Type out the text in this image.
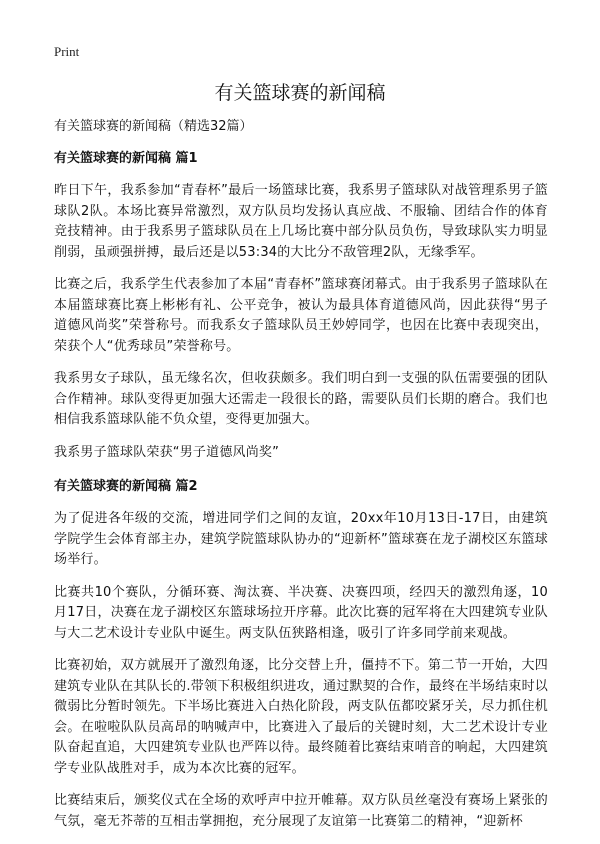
Print
有关篮球赛的新闻稿
有关篮球赛的新闻稿（精选32篇）
有关篮球赛的新闻稿 篇1

昨日下午，我系参加“青春杯”最后一场篮球比赛，我系男子篮球队对战管理系男子篮球队2队。本场比赛异常激烈，双方队员均发扬认真应战、不服输、团结合作的体育竞技精神。由于我系男子篮球队员在上几场比赛中部分队员负伤，导致球队实力明显削弱，虽顽强拼搏，最后还是以53:34的大比分不敌管理2队，无缘季军。

比赛之后，我系学生代表参加了本届“青春杯”篮球赛闭幕式。由于我系男子篮球队在本届篮球赛比赛上彬彬有礼、公平竞争，被认为最具体育道德风尚，因此获得“男子道德风尚奖”荣誉称号。而我系女子篮球队员王妙婷同学，也因在比赛中表现突出，荣获个人“优秀球员”荣誉称号。

我系男女子球队，虽无缘名次，但收获颇多。我们明白到一支强的队伍需要强的团队合作精神。球队变得更加强大还需走一段很长的路，需要队员们长期的磨合。我们也相信我系篮球队能不负众望，变得更加强大。

我系男子篮球队荣获“男子道德风尚奖”

有关篮球赛的新闻稿 篇2

为了促进各年级的交流，增进同学们之间的友谊，20xx年10月13日-17日，由建筑学院学生会体育部主办，建筑学院篮球队协办的“迎新杯”篮球赛在龙子湖校区东篮球场举行。

比赛共10个赛队，分循环赛、淘汰赛、半决赛、决赛四项，经四天的激烈角逐，10月17日，决赛在龙子湖校区东篮球场拉开序幕。此次比赛的冠军将在大四建筑专业队与大二艺术设计专业队中诞生。两支队伍狭路相逢，吸引了许多同学前来观战。

比赛初始，双方就展开了激烈角逐，比分交替上升，僵持不下。第二节一开始，大四建筑专业队在其队长的.带领下积极组织进攻，通过默契的合作，最终在半场结束时以微弱比分暂时领先。下半场比赛进入白热化阶段，两支队伍都咬紧牙关，尽力抓住机会。在啦啦队队员高昂的呐喊声中，比赛进入了最后的关键时刻，大二艺术设计专业队奋起直追，大四建筑专业队也严阵以待。最终随着比赛结束哨音的响起，大四建筑学专业队战胜对手，成为本次比赛的冠军。

比赛结束后，颁奖仪式在全场的欢呼声中拉开帷幕。双方队员丝毫没有赛场上紧张的气氛，毫无芥蒂的互相击掌拥抱，充分展现了友谊第一比赛第二的精神，“迎新杯
